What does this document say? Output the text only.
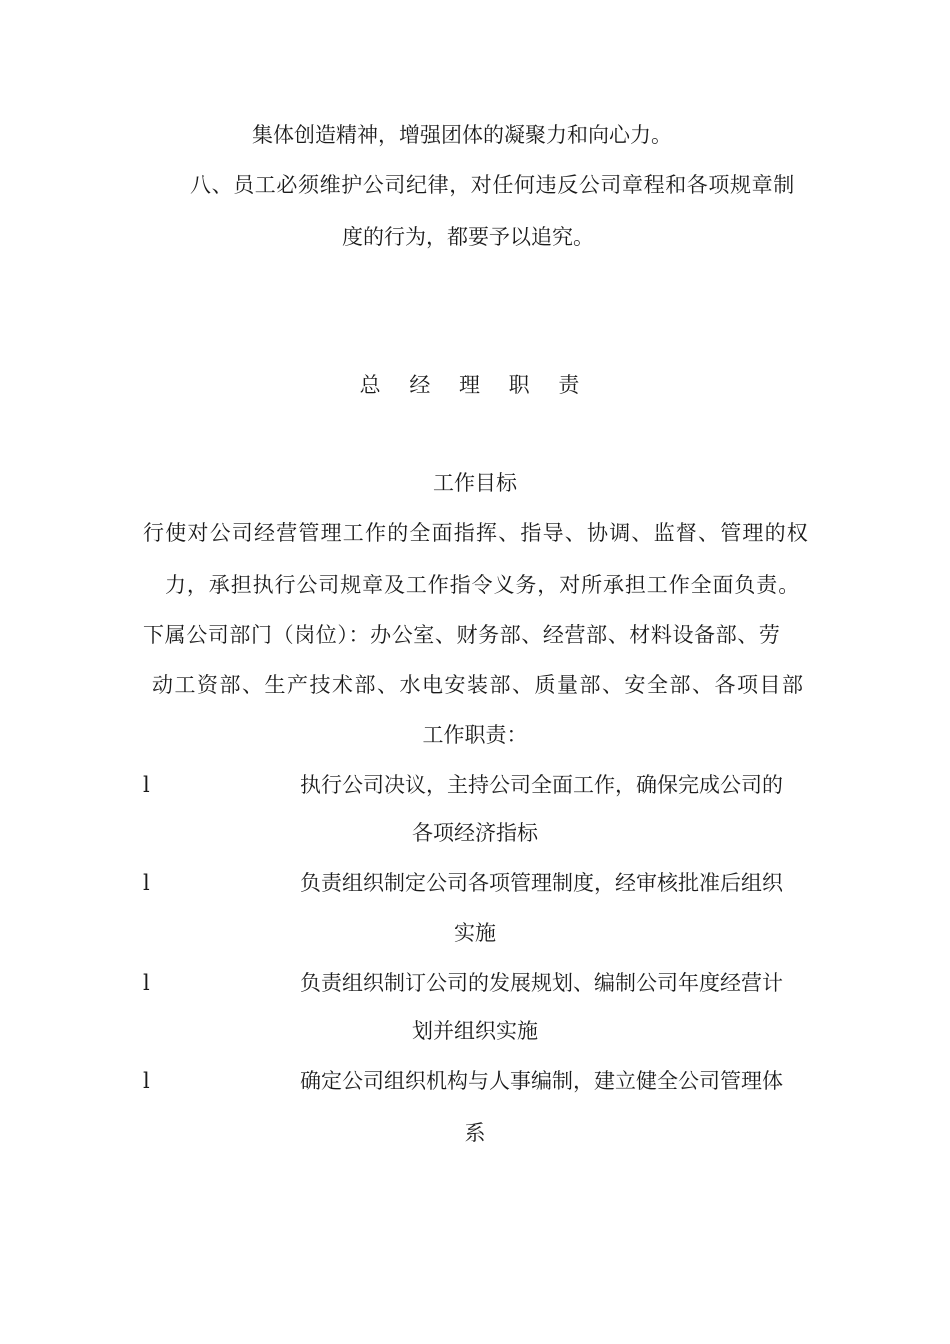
集体创造精神，增强团体的凝聚力和向心力。
八、员工必须维护公司纪律，对任何违反公司章程和各项规章制
度的行为，都要予以追究。
总 经 理 职 责
工作目标
行使对公司经营管理工作的全面指挥、指导、协调、监督、管理的权
力，承担执行公司规章及工作指令义务，对所承担工作全面负责。
下属公司部门（岗位）：办公室、财务部、经营部、材料设备部、劳
动工资部、生产技术部、水电安装部、质量部、安全部、各项目部
工作职责：
l	执行公司决议，主持公司全面工作，确保完成公司的
各项经济指标
l	负责组织制定公司各项管理制度，经审核批准后组织
实施
l	负责组织制订公司的发展规划、编制公司年度经营计
划并组织实施
l	确定公司组织机构与人事编制，建立健全公司管理体
系
